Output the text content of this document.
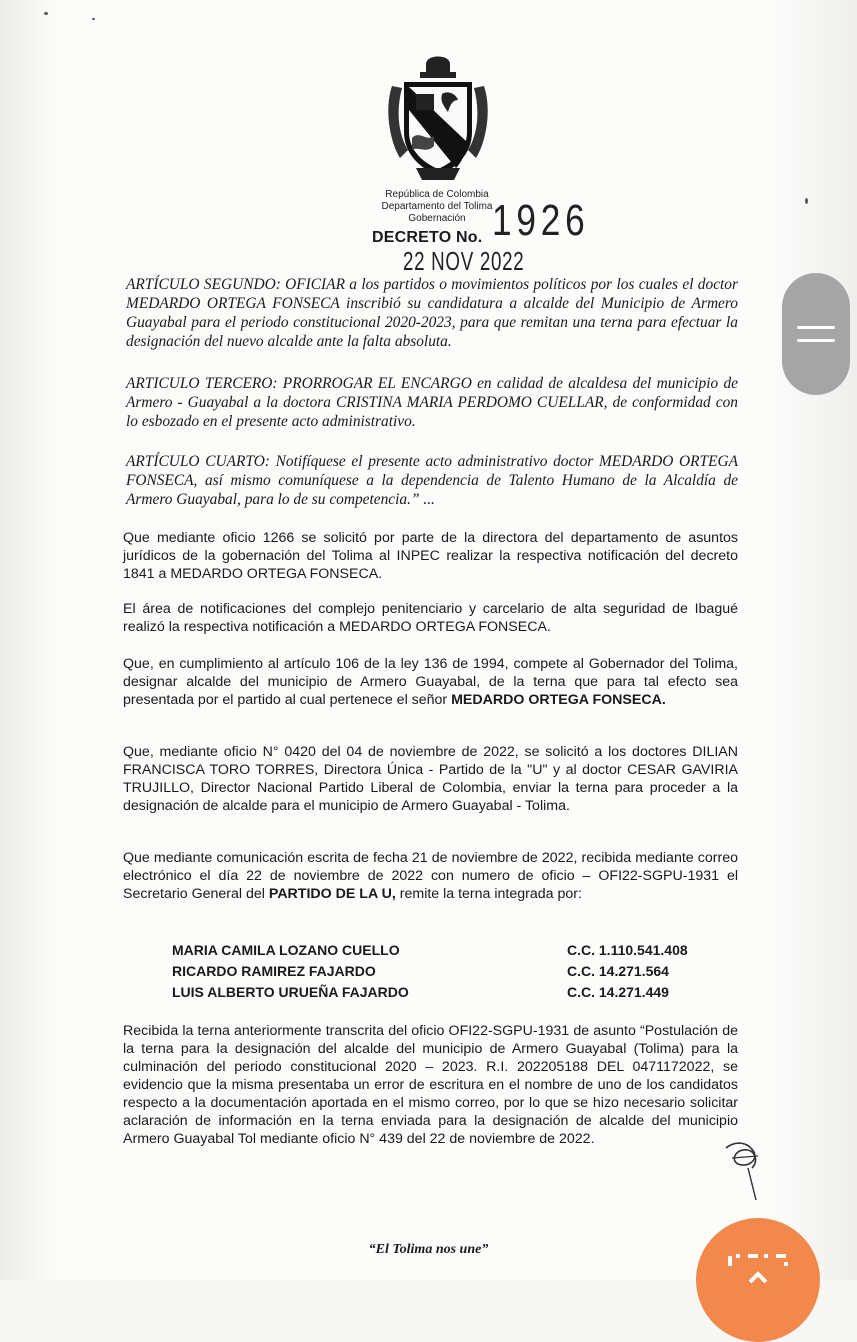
República de Colombia
Departamento del Tolima
Gobernación
DECRETO No. 1926
22 NOV 2022
ARTÍCULO SEGUNDO: OFICIAR a los partidos o movimientos políticos por los cuales el doctor MEDARDO ORTEGA FONSECA inscribió su candidatura a alcalde del Municipio de Armero Guayabal para el periodo constitucional 2020-2023, para que remitan una terna para efectuar la designación del nuevo alcalde ante la falta absoluta.
ARTICULO TERCERO: PRORROGAR EL ENCARGO en calidad de alcaldesa del municipio de Armero - Guayabal a la doctora CRISTINA MARIA PERDOMO CUELLAR, de conformidad con lo esbozado en el presente acto administrativo.
ARTÍCULO CUARTO: Notifíquese el presente acto administrativo doctor MEDARDO ORTEGA FONSECA, así mismo comuníquese a la dependencia de Talento Humano de la Alcaldía de Armero Guayabal, para lo de su competencia.” ...
Que mediante oficio 1266 se solicitó por parte de la directora del departamento de asuntos jurídicos de la gobernación del Tolima al INPEC realizar la respectiva notificación del decreto 1841 a MEDARDO ORTEGA FONSECA.
El área de notificaciones del complejo penitenciario y carcelario de alta seguridad de Ibagué realizó la respectiva notificación a MEDARDO ORTEGA FONSECA.
Que, en cumplimiento al artículo 106 de la ley 136 de 1994, compete al Gobernador del Tolima, designar alcalde del municipio de Armero Guayabal, de la terna que para tal efecto sea presentada por el partido al cual pertenece el señor MEDARDO ORTEGA FONSECA.
Que, mediante oficio N° 0420 del 04 de noviembre de 2022, se solicitó a los doctores DILIAN FRANCISCA TORO TORRES, Directora Única - Partido de la "U" y al doctor CESAR GAVIRIA TRUJILLO, Director Nacional Partido Liberal de Colombia, enviar la terna para proceder a la designación de alcalde para el municipio de Armero Guayabal - Tolima.
Que mediante comunicación escrita de fecha 21 de noviembre de 2022, recibida mediante correo electrónico el día 22 de noviembre de 2022 con numero de oficio – OFI22-SGPU-1931 el Secretario General del PARTIDO DE LA U, remite la terna integrada por:
MARIA CAMILA LOZANO CUELLO	C.C. 1.110.541.408
RICARDO RAMIREZ FAJARDO	C.C. 14.271.564
LUIS ALBERTO URUEÑA FAJARDO	C.C. 14.271.449
Recibida la terna anteriormente transcrita del oficio OFI22-SGPU-1931 de asunto “Postulación de la terna para la designación del alcalde del municipio de Armero Guayabal (Tolima) para la culminación del periodo constitucional 2020 – 2023. R.I. 202205188 DEL 0471172022, se evidencio que la misma presentaba un error de escritura en el nombre de uno de los candidatos respecto a la documentación aportada en el mismo correo, por lo que se hizo necesario solicitar aclaración de información en la terna enviada para la designación de alcalde del municipio Armero Guayabal Tol mediante oficio N° 439 del 22 de noviembre de 2022.
“El Tolima nos une”
